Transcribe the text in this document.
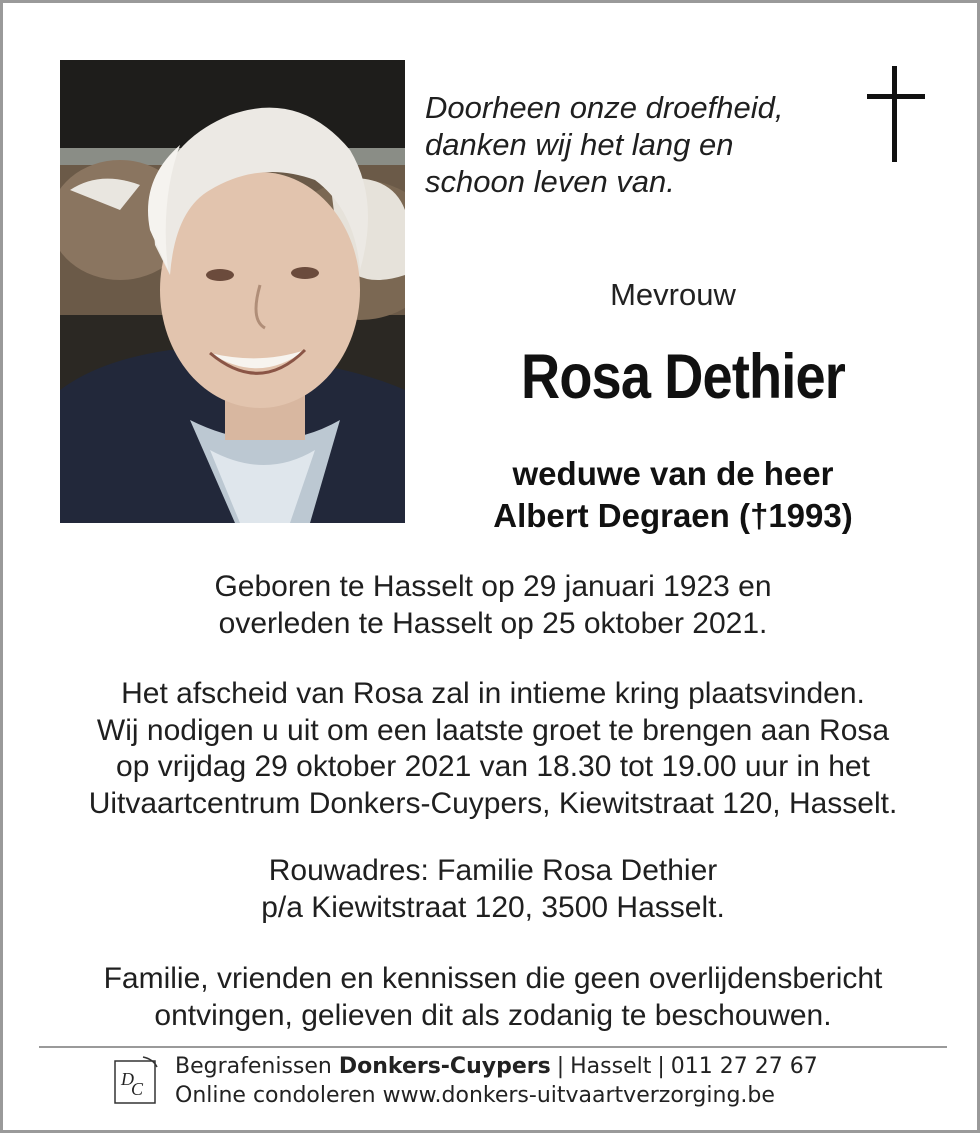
Doorheen onze droefheid,
danken wij het lang en
schoon leven van.
Mevrouw
Rosa Dethier
weduwe van de heer
Albert Degraen (†1993)
Geboren te Hasselt op 29 januari 1923 en
overleden te Hasselt op 25 oktober 2021.
Het afscheid van Rosa zal in intieme kring plaatsvinden.
Wij nodigen u uit om een laatste groet te brengen aan Rosa
op vrijdag 29 oktober 2021 van 18.30 tot 19.00 uur in het
Uitvaartcentrum Donkers-Cuypers, Kiewitstraat 120, Hasselt.
Rouwadres: Familie Rosa Dethier
p/a Kiewitstraat 120, 3500 Hasselt.
Familie, vrienden en kennissen die geen overlijdensbericht
ontvingen, gelieven dit als zodanig te beschouwen.
D
C
Begrafenissen Donkers-Cuypers | Hasselt | 011 27 27 67
Online condoleren www.donkers-uitvaartverzorging.be
